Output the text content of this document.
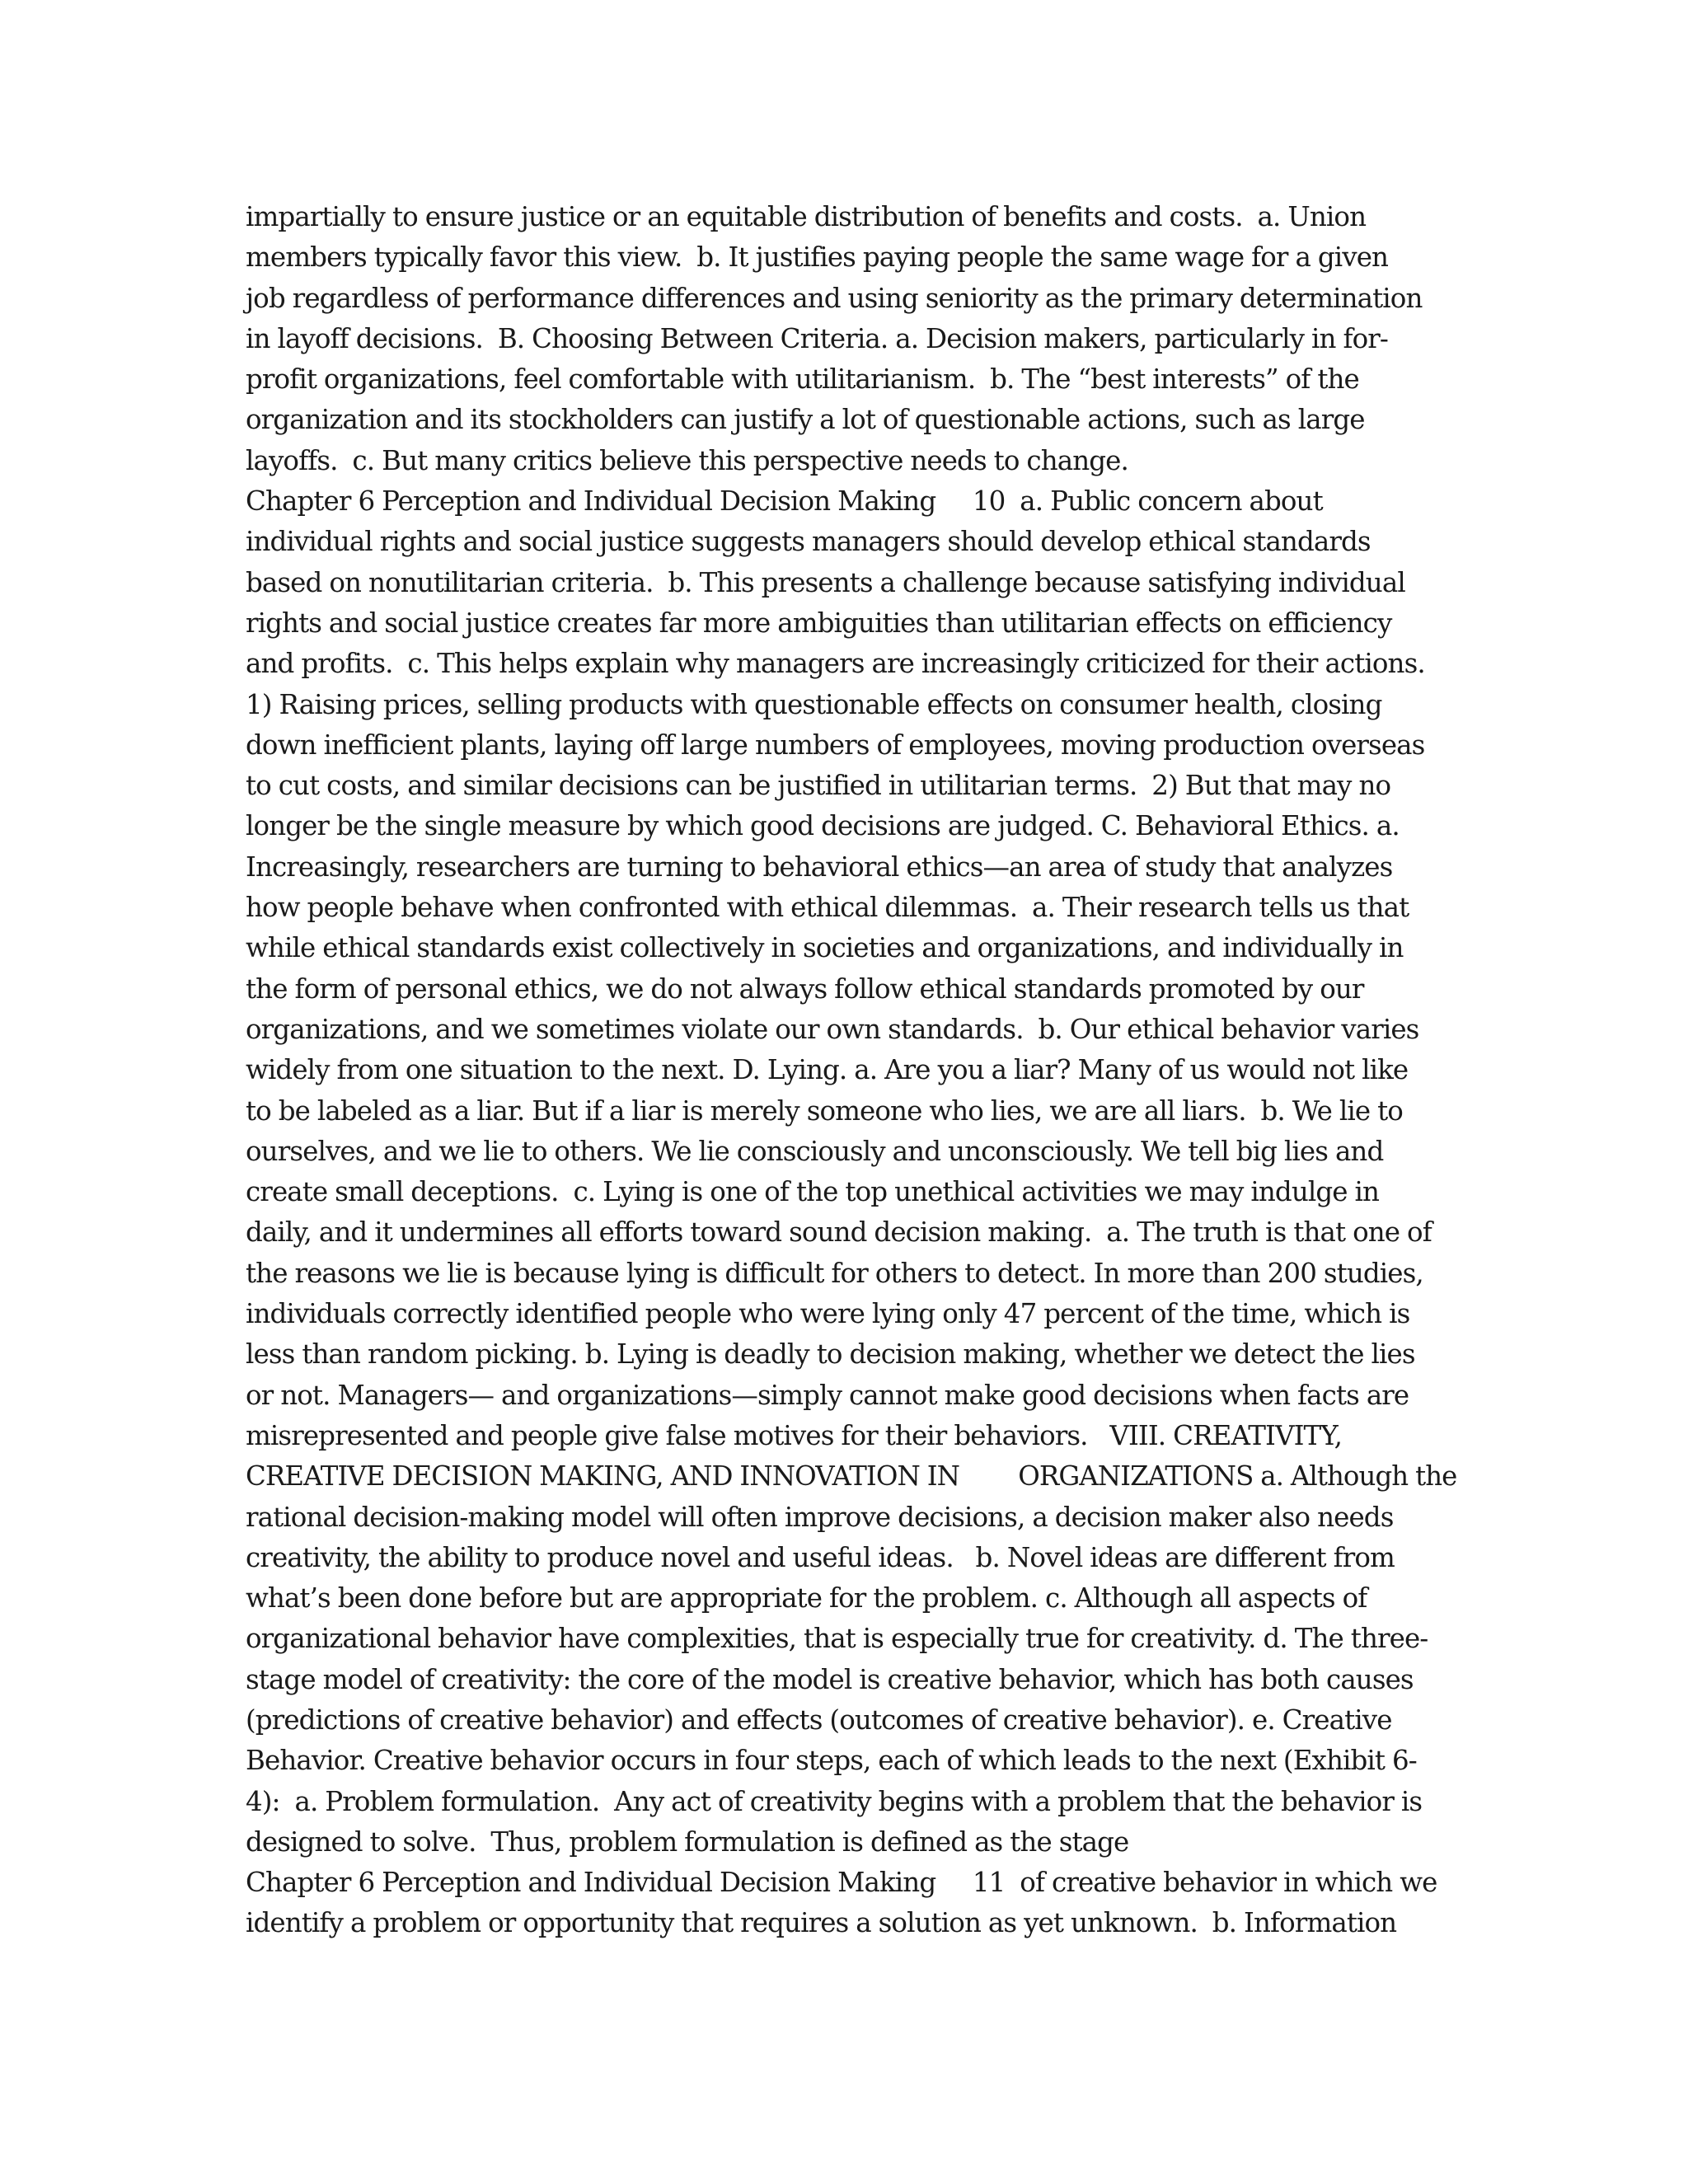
impartially to ensure justice or an equitable distribution of benefits and costs.  a. Union
members typically favor this view.  b. It justifies paying people the same wage for a given
job regardless of performance differences and using seniority as the primary determination
in layoff decisions.  B. Choosing Between Criteria. a. Decision makers, particularly in for-
profit organizations, feel comfortable with utilitarianism.  b. The “best interests” of the
organization and its stockholders can justify a lot of questionable actions, such as large
layoffs.  c. But many critics believe this perspective needs to change.
Chapter 6 Perception and Individual Decision Making     10  a. Public concern about
individual rights and social justice suggests managers should develop ethical standards
based on nonutilitarian criteria.  b. This presents a challenge because satisfying individual
rights and social justice creates far more ambiguities than utilitarian effects on efficiency
and profits.  c. This helps explain why managers are increasingly criticized for their actions.
1) Raising prices, selling products with questionable effects on consumer health, closing
down inefficient plants, laying off large numbers of employees, moving production overseas
to cut costs, and similar decisions can be justified in utilitarian terms.  2) But that may no
longer be the single measure by which good decisions are judged. C. Behavioral Ethics. a.
Increasingly, researchers are turning to behavioral ethics—an area of study that analyzes
how people behave when confronted with ethical dilemmas.  a. Their research tells us that
while ethical standards exist collectively in societies and organizations, and individually in
the form of personal ethics, we do not always follow ethical standards promoted by our
organizations, and we sometimes violate our own standards.  b. Our ethical behavior varies
widely from one situation to the next. D. Lying. a. Are you a liar? Many of us would not like
to be labeled as a liar. But if a liar is merely someone who lies, we are all liars.  b. We lie to
ourselves, and we lie to others. We lie consciously and unconsciously. We tell big lies and
create small deceptions.  c. Lying is one of the top unethical activities we may indulge in
daily, and it undermines all efforts toward sound decision making.  a. The truth is that one of
the reasons we lie is because lying is difficult for others to detect. In more than 200 studies,
individuals correctly identified people who were lying only 47 percent of the time, which is
less than random picking. b. Lying is deadly to decision making, whether we detect the lies
or not. Managers— and organizations—simply cannot make good decisions when facts are
misrepresented and people give false motives for their behaviors.   VIII. CREATIVITY,
CREATIVE DECISION MAKING, AND INNOVATION IN        ORGANIZATIONS a. Although the
rational decision-making model will often improve decisions, a decision maker also needs
creativity, the ability to produce novel and useful ideas.   b. Novel ideas are different from
what’s been done before but are appropriate for the problem. c. Although all aspects of
organizational behavior have complexities, that is especially true for creativity. d. The three-
stage model of creativity: the core of the model is creative behavior, which has both causes
(predictions of creative behavior) and effects (outcomes of creative behavior). e. Creative
Behavior. Creative behavior occurs in four steps, each of which leads to the next (Exhibit 6-
4):  a. Problem formulation.  Any act of creativity begins with a problem that the behavior is
designed to solve.  Thus, problem formulation is defined as the stage
Chapter 6 Perception and Individual Decision Making     11  of creative behavior in which we
identify a problem or opportunity that requires a solution as yet unknown.  b. Information
